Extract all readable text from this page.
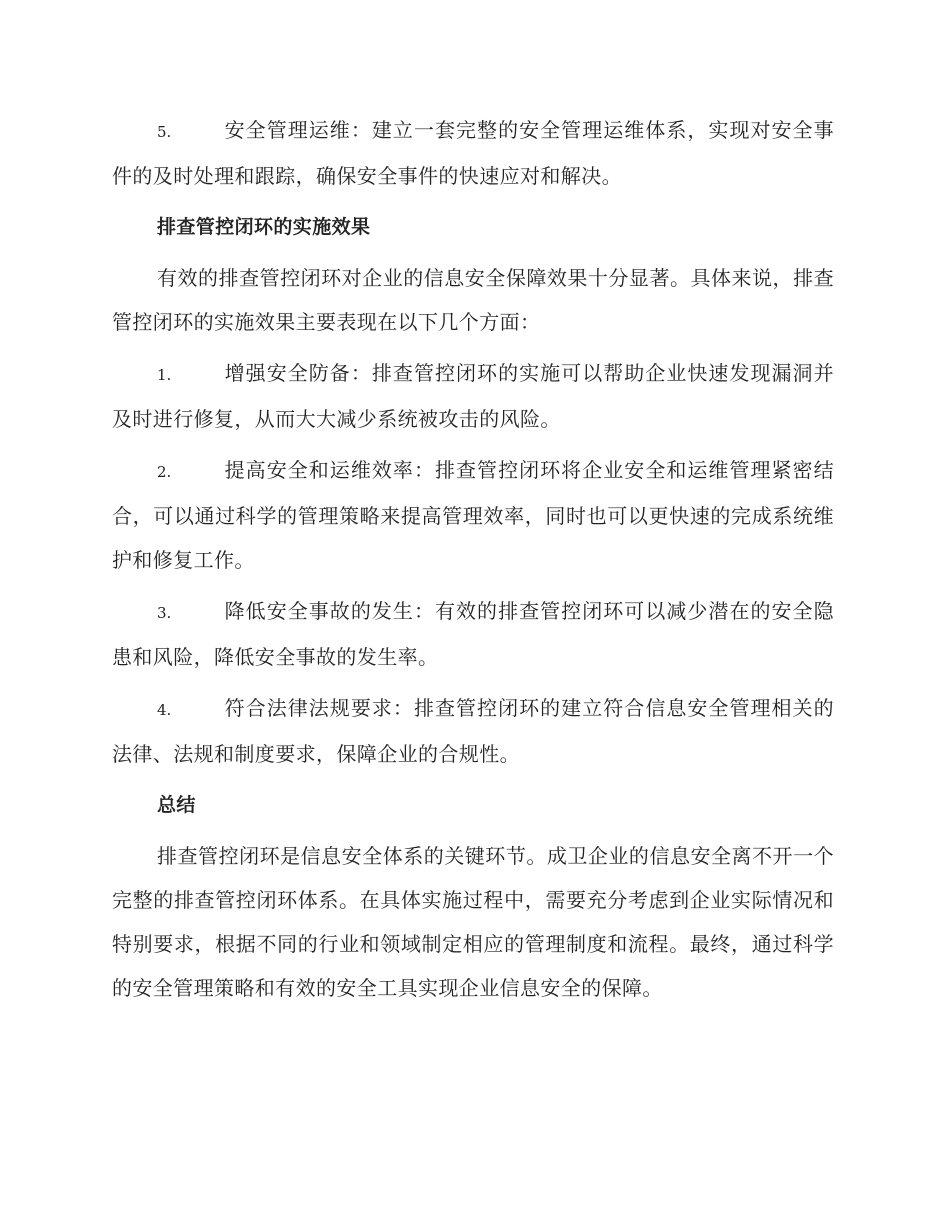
5.	安全管理运维：建立一套完整的安全管理运维体系，实现对安全事件的及时处理和跟踪，确保安全事件的快速应对和解决。

排查管控闭环的实施效果

有效的排查管控闭环对企业的信息安全保障效果十分显著。具体来说，排查管控闭环的实施效果主要表现在以下几个方面：

1.	增强安全防备：排查管控闭环的实施可以帮助企业快速发现漏洞并及时进行修复，从而大大减少系统被攻击的风险。

2.	提高安全和运维效率：排查管控闭环将企业安全和运维管理紧密结合，可以通过科学的管理策略来提高管理效率，同时也可以更快速的完成系统维护和修复工作。

3.	降低安全事故的发生：有效的排查管控闭环可以减少潜在的安全隐患和风险，降低安全事故的发生率。

4.	符合法律法规要求：排查管控闭环的建立符合信息安全管理相关的法律、法规和制度要求，保障企业的合规性。

总结

排查管控闭环是信息安全体系的关键环节。成卫企业的信息安全离不开一个完整的排查管控闭环体系。在具体实施过程中，需要充分考虑到企业实际情况和特别要求，根据不同的行业和领域制定相应的管理制度和流程。最终，通过科学的安全管理策略和有效的安全工具实现企业信息安全的保障。
